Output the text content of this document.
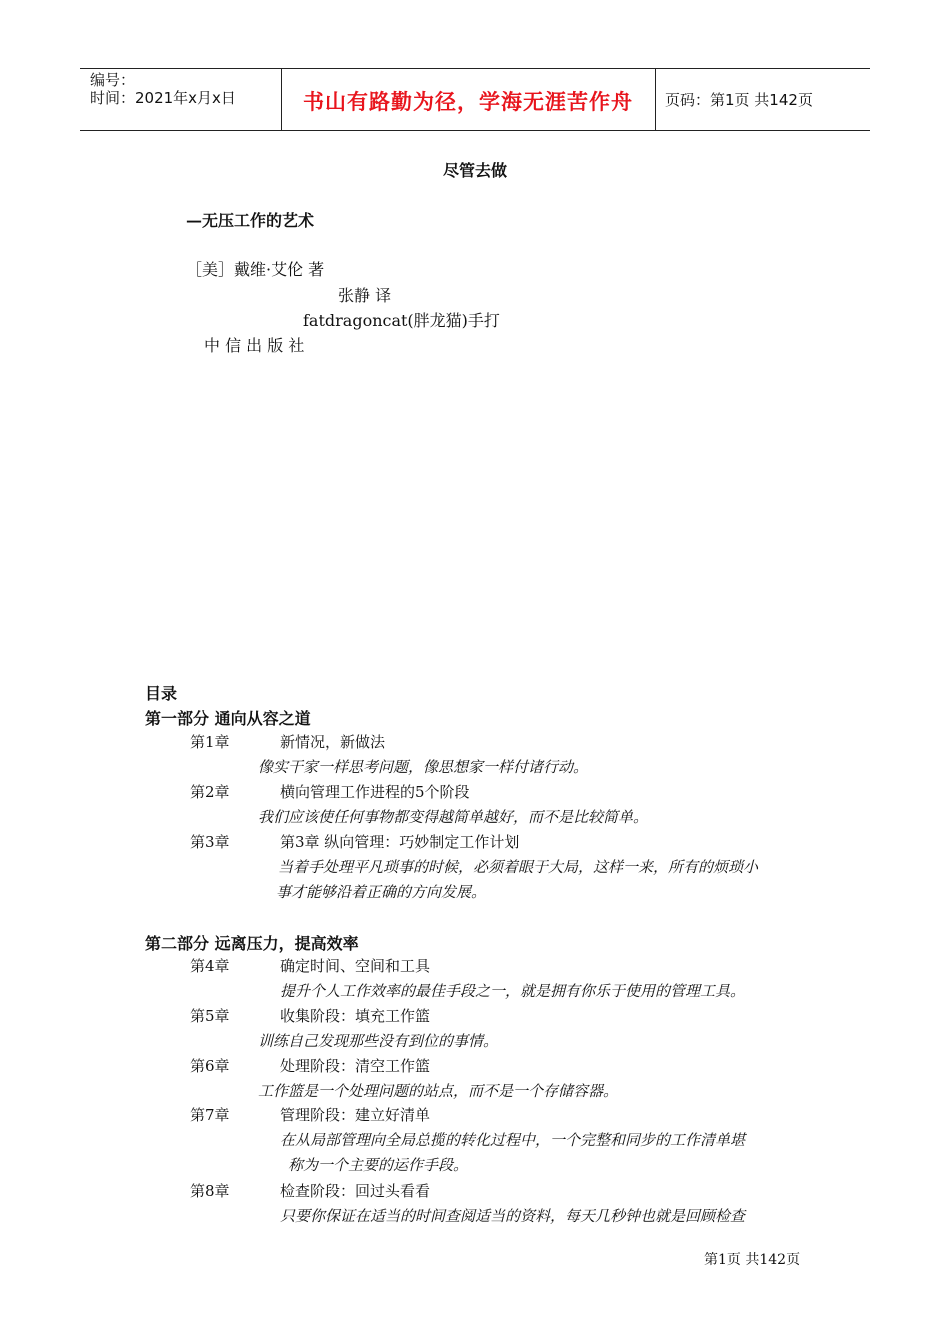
编号：
时间：2021年x月x日	书山有路勤为径，学海无涯苦作舟	页码：第1页 共142页
尽管去做
—无压工作的艺术
［美］戴维·艾伦 著
张静 译
fatdragoncat(胖龙猫)手打
中 信 出 版 社
目录
第一部分 通向从容之道
第1章	新情况，新做法
像实干家一样思考问题，像思想家一样付诸行动。
第2章	横向管理工作进程的5个阶段
我们应该使任何事物都变得越简单越好，而不是比较简单。
第3章	第3章 纵向管理：巧妙制定工作计划
当着手处理平凡琐事的时候，必须着眼于大局，这样一来，所有的烦琐小
事才能够沿着正确的方向发展。
第二部分 远离压力，提高效率
第4章	确定时间、空间和工具
提升个人工作效率的最佳手段之一，就是拥有你乐于使用的管理工具。
第5章	收集阶段：填充工作篮
训练自己发现那些没有到位的事情。
第6章	处理阶段：清空工作篮
工作篮是一个处理问题的站点，而不是一个存储容器。
第7章	管理阶段：建立好清单
在从局部管理向全局总揽的转化过程中，一个完整和同步的工作清单堪
称为一个主要的运作手段。
第8章	检查阶段：回过头看看
只要你保证在适当的时间查阅适当的资料，每天几秒钟也就是回顾检查
第1页 共142页
